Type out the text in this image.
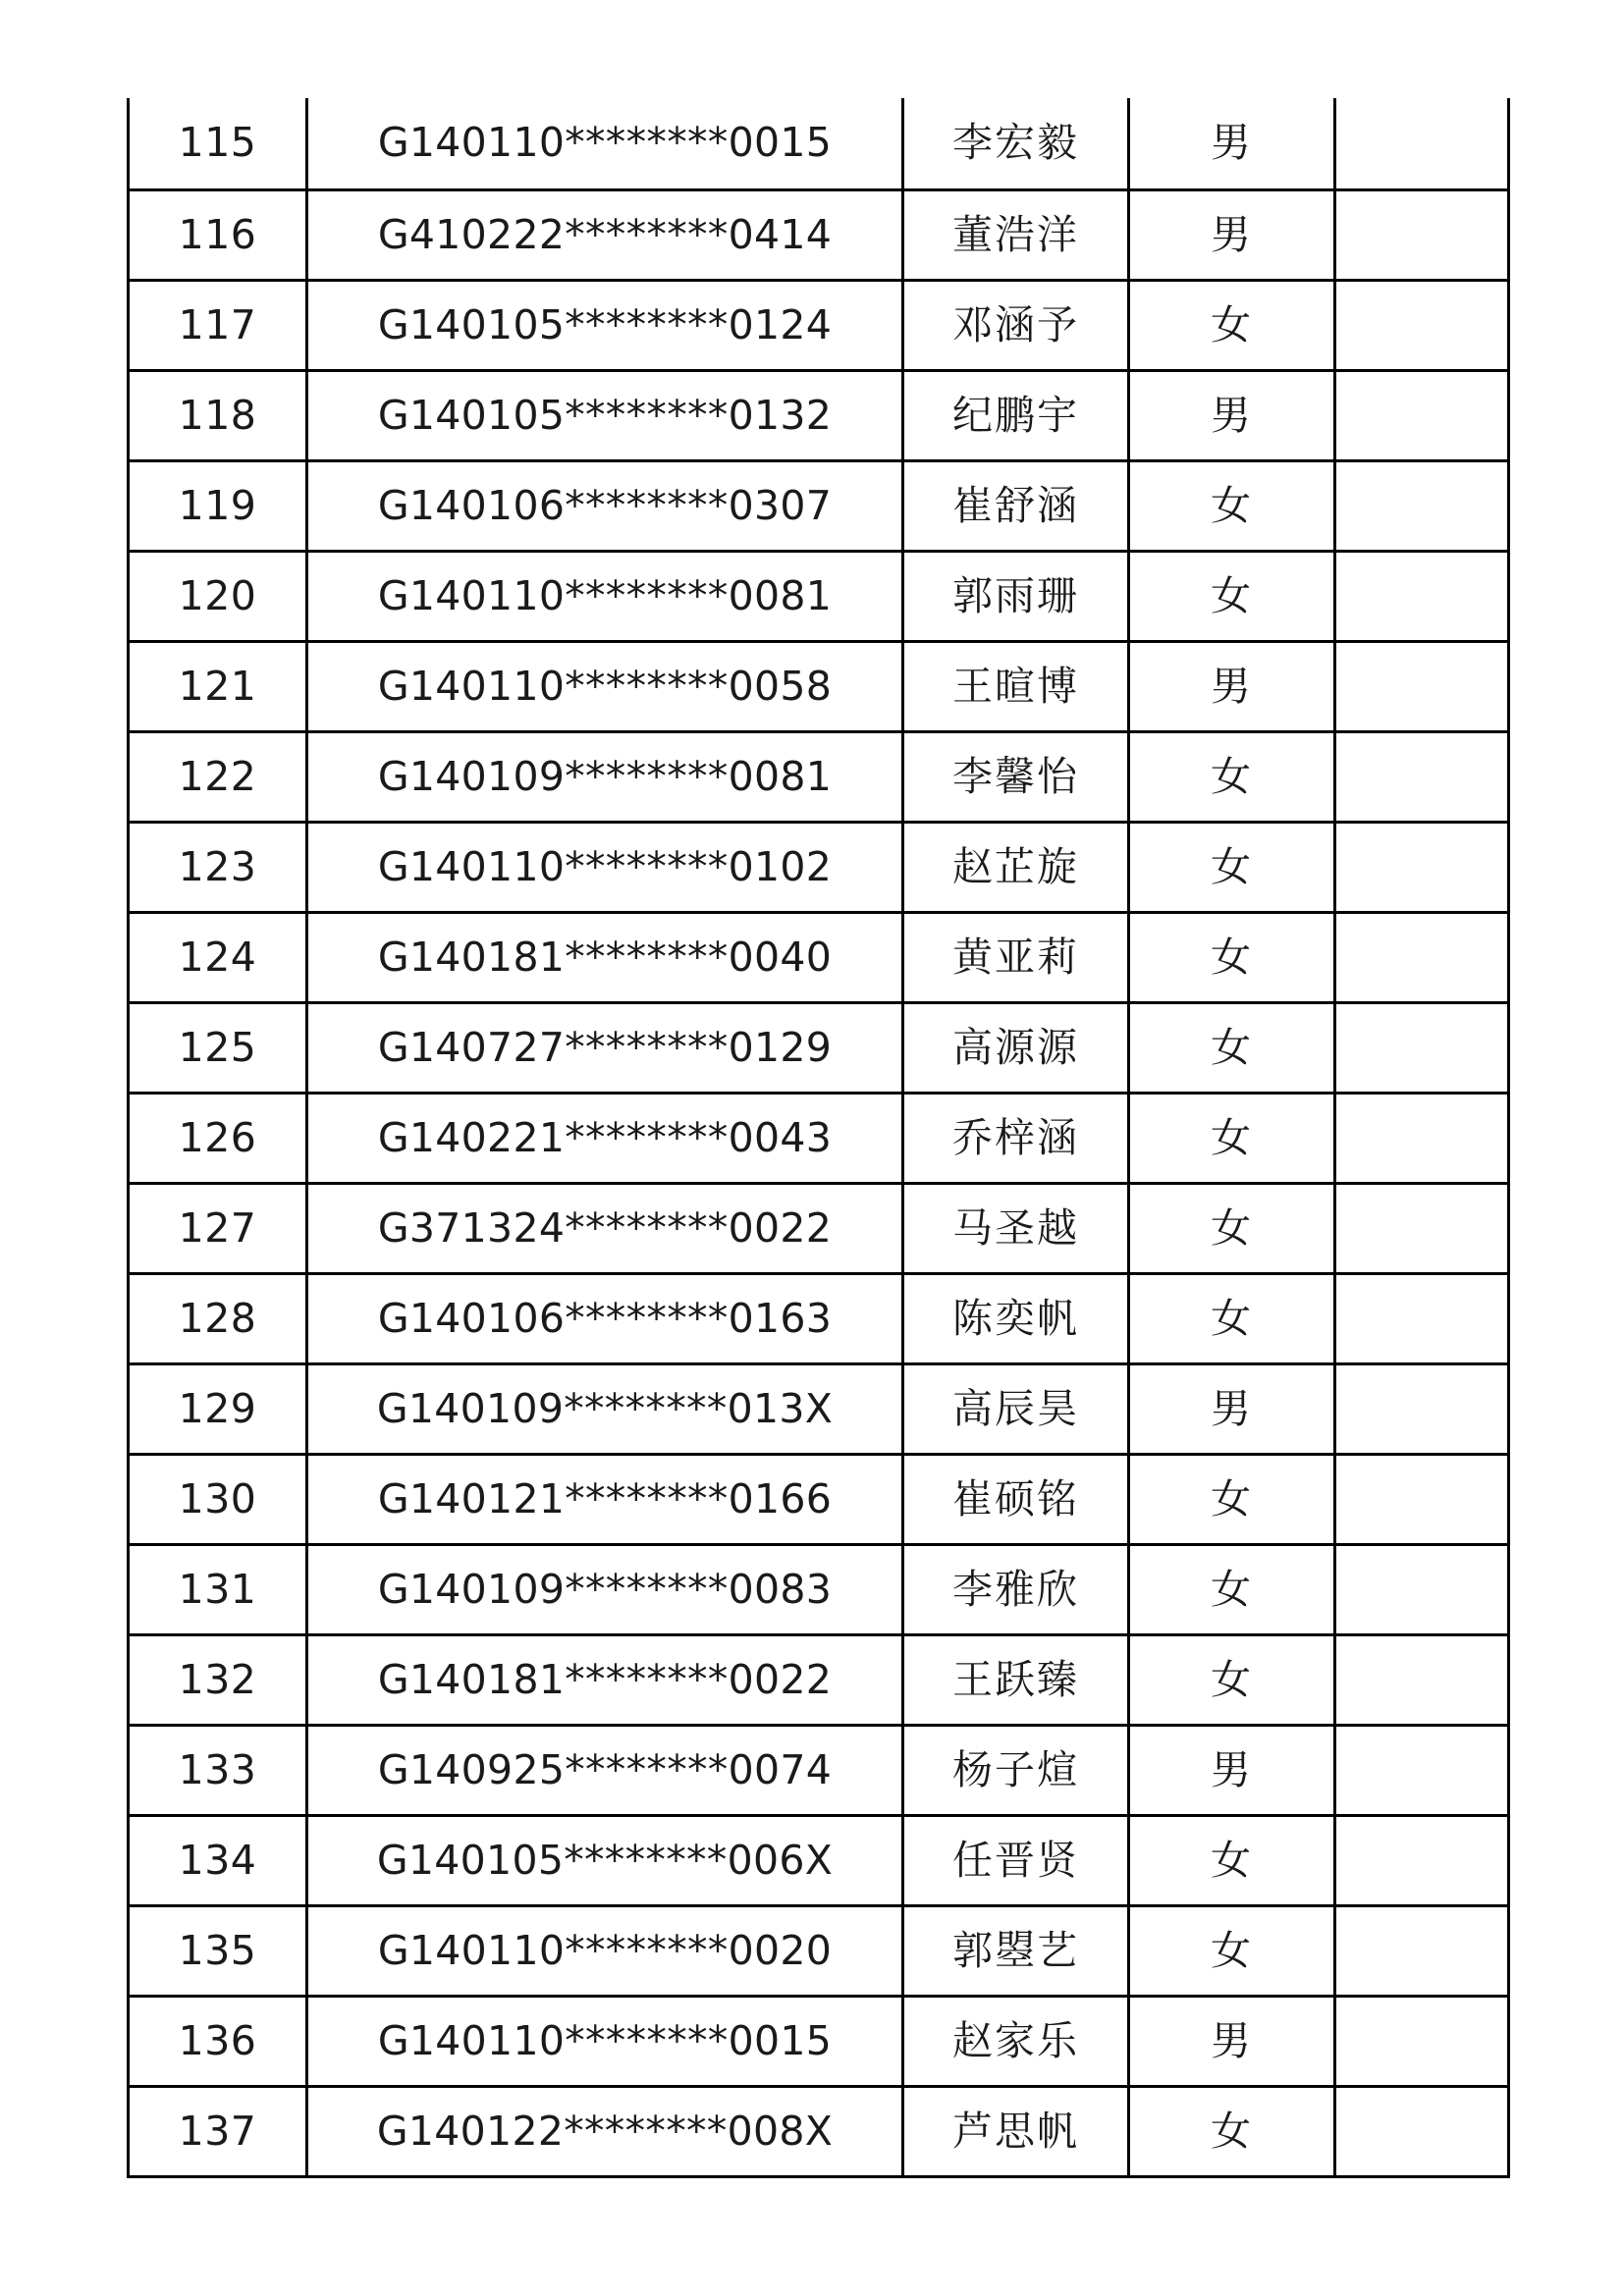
115	G140110********0015	李宏毅	男	
116	G410222********0414	董浩洋	男	
117	G140105********0124	邓涵予	女	
118	G140105********0132	纪鹏宇	男	
119	G140106********0307	崔舒涵	女	
120	G140110********0081	郭雨珊	女	
121	G140110********0058	王暄博	男	
122	G140109********0081	李馨怡	女	
123	G140110********0102	赵芷旋	女	
124	G140181********0040	黄亚莉	女	
125	G140727********0129	高源源	女	
126	G140221********0043	乔梓涵	女	
127	G371324********0022	马圣越	女	
128	G140106********0163	陈奕帆	女	
129	G140109********013X	高辰昊	男	
130	G140121********0166	崔硕铭	女	
131	G140109********0083	李雅欣	女	
132	G140181********0022	王跃臻	女	
133	G140925********0074	杨子煊	男	
134	G140105********006X	任晋贤	女	
135	G140110********0020	郭曌艺	女	
136	G140110********0015	赵家乐	男	
137	G140122********008X	芦思帆	女	
